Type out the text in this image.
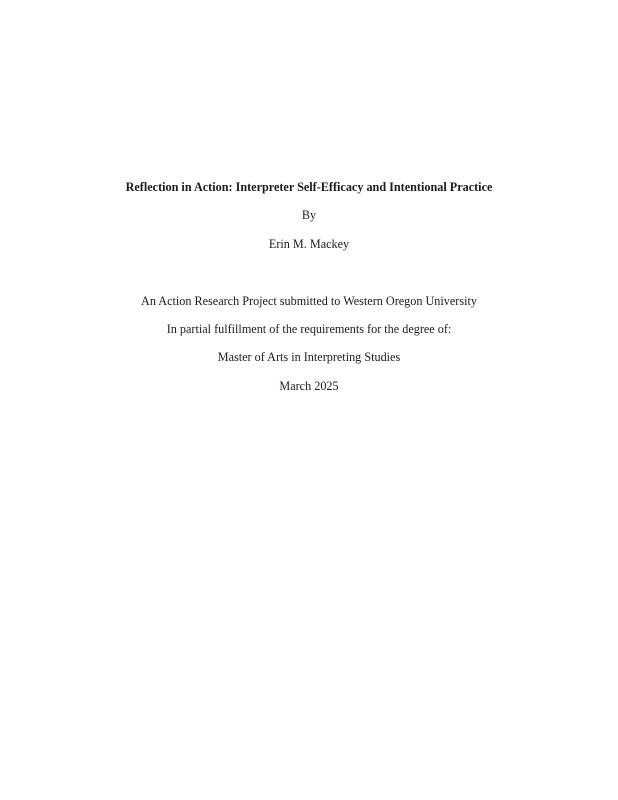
Reflection in Action: Interpreter Self-Efficacy and Intentional Practice
By
Erin M. Mackey
An Action Research Project submitted to Western Oregon University
In partial fulfillment of the requirements for the degree of:
Master of Arts in Interpreting Studies
March 2025
